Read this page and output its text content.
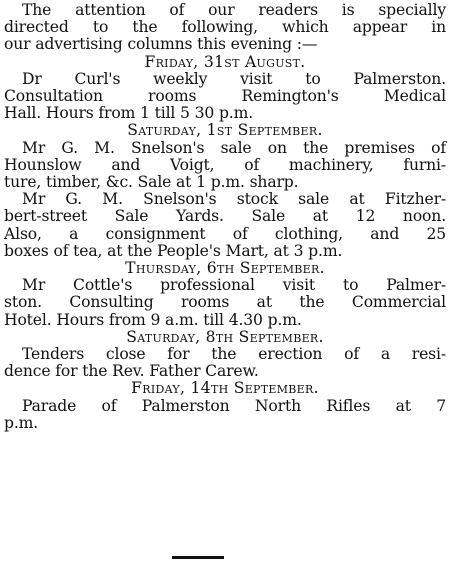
The attention of our readers is specially
directed to the following, which appear in
our advertising columns this evening :—
Friday, 31st August.
Dr Curl's weekly visit to Palmerston.
Consultation rooms Remington's Medical
Hall. Hours from 1 till 5 30 p.m.
Saturday, 1st September.
Mr G. M. Snelson's sale on the premises of
Hounslow and Voigt, of machinery, furni-
ture, timber, &c. Sale at 1 p.m. sharp.
Mr G. M. Snelson's stock sale at Fitzher-
bert-street Sale Yards. Sale at 12 noon.
Also, a consignment of clothing, and 25
boxes of tea, at the People's Mart, at 3 p.m.
Thursday, 6th September.
Mr Cottle's professional visit to Palmer-
ston. Consulting rooms at the Commercial
Hotel. Hours from 9 a.m. till 4.30 p.m.
Saturday, 8th September.
Tenders close for the erection of a resi-
dence for the Rev. Father Carew.
Friday, 14th September.
Parade of Palmerston North Rifles at 7
p.m.
